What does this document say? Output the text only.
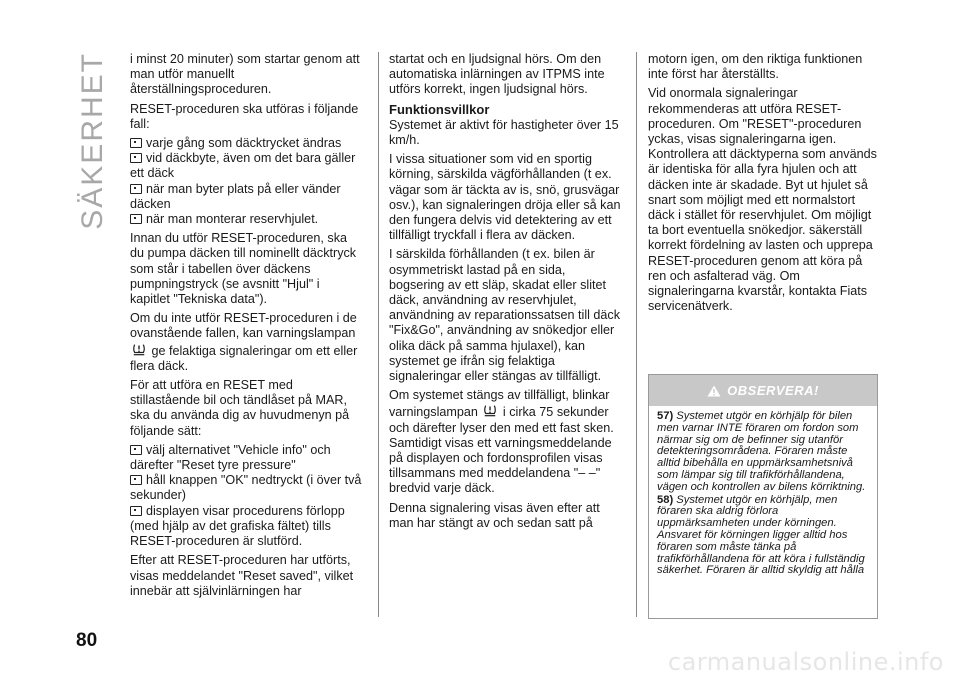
SÄKERHET
80

i minst 20 minuter) som startar genom att man utför manuellt återställningsproceduren.

RESET-proceduren ska utföras i följande fall:

varje gång som däcktrycket ändras
vid däckbyte, även om det bara gäller ett däck
när man byter plats på eller vänder däcken
när man monterar reservhjulet.

Innan du utför RESET-proceduren, ska du pumpa däcken till nominellt däcktryck som står i tabellen över däckens pumpningstryck (se avsnitt "Hjul" i kapitlet "Tekniska data").

Om du inte utför RESET-proceduren i de ovanstående fallen, kan varningslampan  ge felaktiga signaleringar om ett eller flera däck.

För att utföra en RESET med stillastående bil och tändlåset på MAR, ska du använda dig av huvudmenyn på följande sätt:

välj alternativet "Vehicle info" och därefter "Reset tyre pressure"
håll knappen "OK" nedtryckt (i över två sekunder)
displayen visar procedurens förlopp (med hjälp av det grafiska fältet) tills RESET-proceduren är slutförd.

Efter att RESET-proceduren har utförts, visas meddelandet "Reset saved", vilket innebär att självinlärningen har

startat och en ljudsignal hörs. Om den automatiska inlärningen av ITPMS inte utförs korrekt, ingen ljudsignal hörs.

Funktionsvillkor

Systemet är aktivt för hastigheter över 15 km/h.

I vissa situationer som vid en sportig körning, särskilda vägförhållanden (t ex. vägar som är täckta av is, snö, grusvägar osv.), kan signaleringen dröja eller så kan den fungera delvis vid detektering av ett tillfälligt tryckfall i flera av däcken.

I särskilda förhållanden (t ex. bilen är osymmetriskt lastad på en sida, bogsering av ett släp, skadat eller slitet däck, användning av reservhjulet, användning av reparationssatsen till däck "Fix&Go", användning av snökedjor eller olika däck på samma hjulaxel), kan systemet ge ifrån sig felaktiga signaleringar eller stängas av tillfälligt.

Om systemet stängs av tillfälligt, blinkar varningslampan i cirka 75 sekunder och därefter lyser den med ett fast sken. Samtidigt visas ett varningsmeddelande på displayen och fordonsprofilen visas tillsammans med meddelandena "– –" bredvid varje däck.

Denna signalering visas även efter att man har stängt av och sedan satt på

motorn igen, om den riktiga funktionen inte först har återställts.

Vid onormala signaleringar rekommenderas att utföra RESET-proceduren. Om "RESET"-proceduren yckas, visas signaleringarna igen. Kontrollera att däcktyperna som används är identiska för alla fyra hjulen och att däcken inte är skadade. Byt ut hjulet så snart som möjligt med ett normalstort däck i stället för reservhjulet. Om möjligt ta bort eventuella snökedjor. säkerställ korrekt fördelning av lasten och upprepa RESET-proceduren genom att köra på ren och asfalterad väg. Om signaleringarna kvarstår, kontakta Fiats servicenätverk.

OBSERVERA!

57) Systemet utgör en körhjälp för bilen men varnar INTE föraren om fordon som närmar sig om de befinner sig utanför detekteringsområdena. Föraren måste alltid bibehålla en uppmärksamhetsnivå som lämpar sig till trafikförhållandena, vägen och kontrollen av bilens körriktning.

58) Systemet utgör en körhjälp, men föraren ska aldrig förlora uppmärksamheten under körningen. Ansvaret för körningen ligger alltid hos föraren som måste tänka på trafikförhållandena för att köra i fullständig säkerhet. Föraren är alltid skyldig att hålla

carmanualsonline.info
